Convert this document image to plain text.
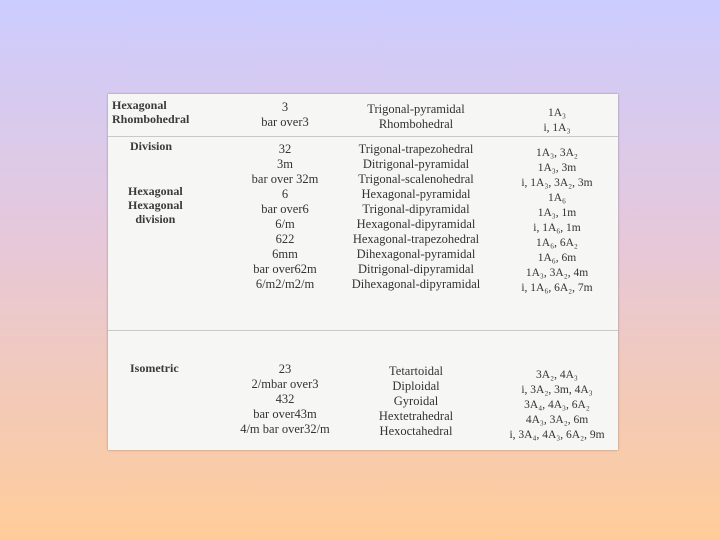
Hexagonal
Rhombohedral
3
bar over3
Trigonal-pyramidal
Rhombohedral
1A₃
i, 1A₃
Division
Hexagonal
Hexagonal
division
32
3m
bar over 32m
6
bar over6
6/m
622
6mm
bar over62m
6/m2/m2/m
Trigonal-trapezohedral
Ditrigonal-pyramidal
Trigonal-scalenohedral
Hexagonal-pyramidal
Trigonal-dipyramidal
Hexagonal-dipyramidal
Hexagonal-trapezohedral
Dihexagonal-pyramidal
Ditrigonal-dipyramidal
Dihexagonal-dipyramidal
1A₃, 3A₂
1A₃, 3m
i, 1A₃, 3A₂, 3m
1A₆
1A₃, 1m
i, 1A₆, 1m
1A₆, 6A₂
1A₆, 6m
1A₃, 3A₂, 4m
i, 1A₆, 6A₂, 7m
Isometric	23
2/mbar over3
432
bar over43m
4/m bar over32/m
Tetartoidal
Diploidal
Gyroidal
Hextetrahedral
Hexoctahedral
3A₂, 4A₃
i, 3A₂, 3m, 4A₃
3A₄, 4A₃, 6A₂
4A₃, 3A₂, 6m
i, 3A₄, 4A₃, 6A₂, 9m
